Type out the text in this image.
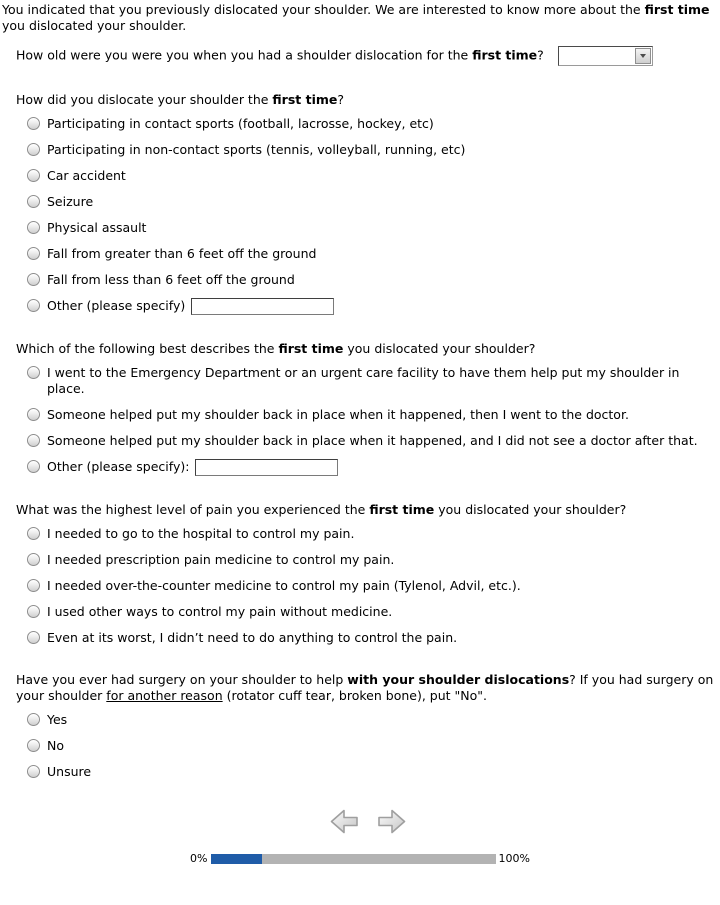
You indicated that you previously dislocated your shoulder. We are interested to know more about the first time you dislocated your shoulder.

How old were you were you when you had a shoulder dislocation for the first time?

How did you dislocate your shoulder the first time?

Participating in contact sports (football, lacrosse, hockey, etc)
Participating in non-contact sports (tennis, volleyball, running, etc)
Car accident
Seizure
Physical assault
Fall from greater than 6 feet off the ground
Fall from less than 6 feet off the ground
Other (please specify)

Which of the following best describes the first time you dislocated your shoulder?

I went to the Emergency Department or an urgent care facility to have them help put my shoulder in place.
Someone helped put my shoulder back in place when it happened, then I went to the doctor.
Someone helped put my shoulder back in place when it happened, and I did not see a doctor after that.
Other (please specify):

What was the highest level of pain you experienced the first time you dislocated your shoulder?

I needed to go to the hospital to control my pain.
I needed prescription pain medicine to control my pain.
I needed over-the-counter medicine to control my pain (Tylenol, Advil, etc.).
I used other ways to control my pain without medicine.
Even at its worst, I didn’t need to do anything to control the pain.

Have you ever had surgery on your shoulder to help with your shoulder dislocations? If you had surgery on your shoulder for another reason (rotator cuff tear, broken bone), put "No".

Yes
No
Unsure
0%	100%
